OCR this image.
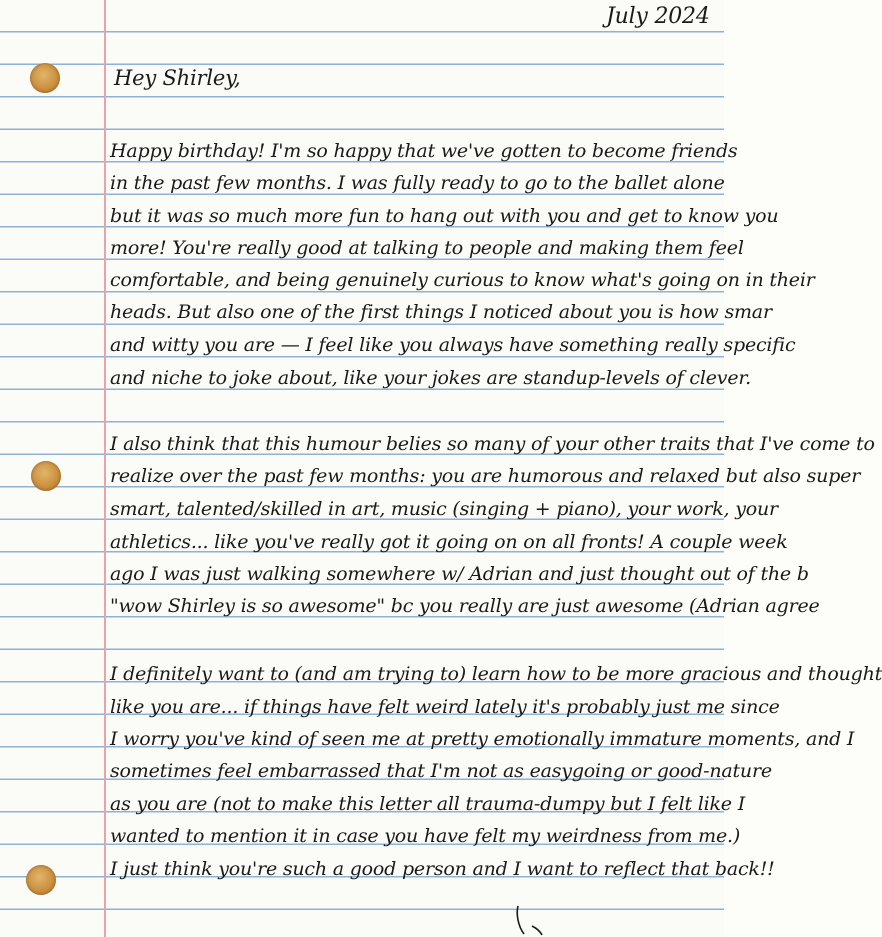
July 2024
Hey Shirley,
Happy birthday! I'm so happy that we've gotten to become friends
in the past few months. I was fully ready to go to the ballet alone
but it was so much more fun to hang out with you and get to know you
more! You're really good at talking to people and making them feel
comfortable, and being genuinely curious to know what's going on in their
heads. But also one of the first things I noticed about you is how smar
and witty you are — I feel like you always have something really specific
and niche to joke about, like your jokes are standup-levels of clever.
I also think that this humour belies so many of your other traits that I've come to
realize over the past few months: you are humorous and relaxed but also super
smart, talented/skilled in art, music (singing + piano), your work, your
athletics... like you've really got it going on on all fronts! A couple week
ago I was just walking somewhere w/ Adrian and just thought out of the b
"wow Shirley is so awesome" bc you really are just awesome (Adrian agree
I definitely want to (and am trying to) learn how to be more gracious and thought
like you are... if things have felt weird lately it's probably just me since
I worry you've kind of seen me at pretty emotionally immature moments, and I
sometimes feel embarrassed that I'm not as easygoing or good-nature
as you are (not to make this letter all trauma-dumpy but I felt like I
wanted to mention it in case you have felt my weirdness from me.)
I just think you're such a good person and I want to reflect that back!!
